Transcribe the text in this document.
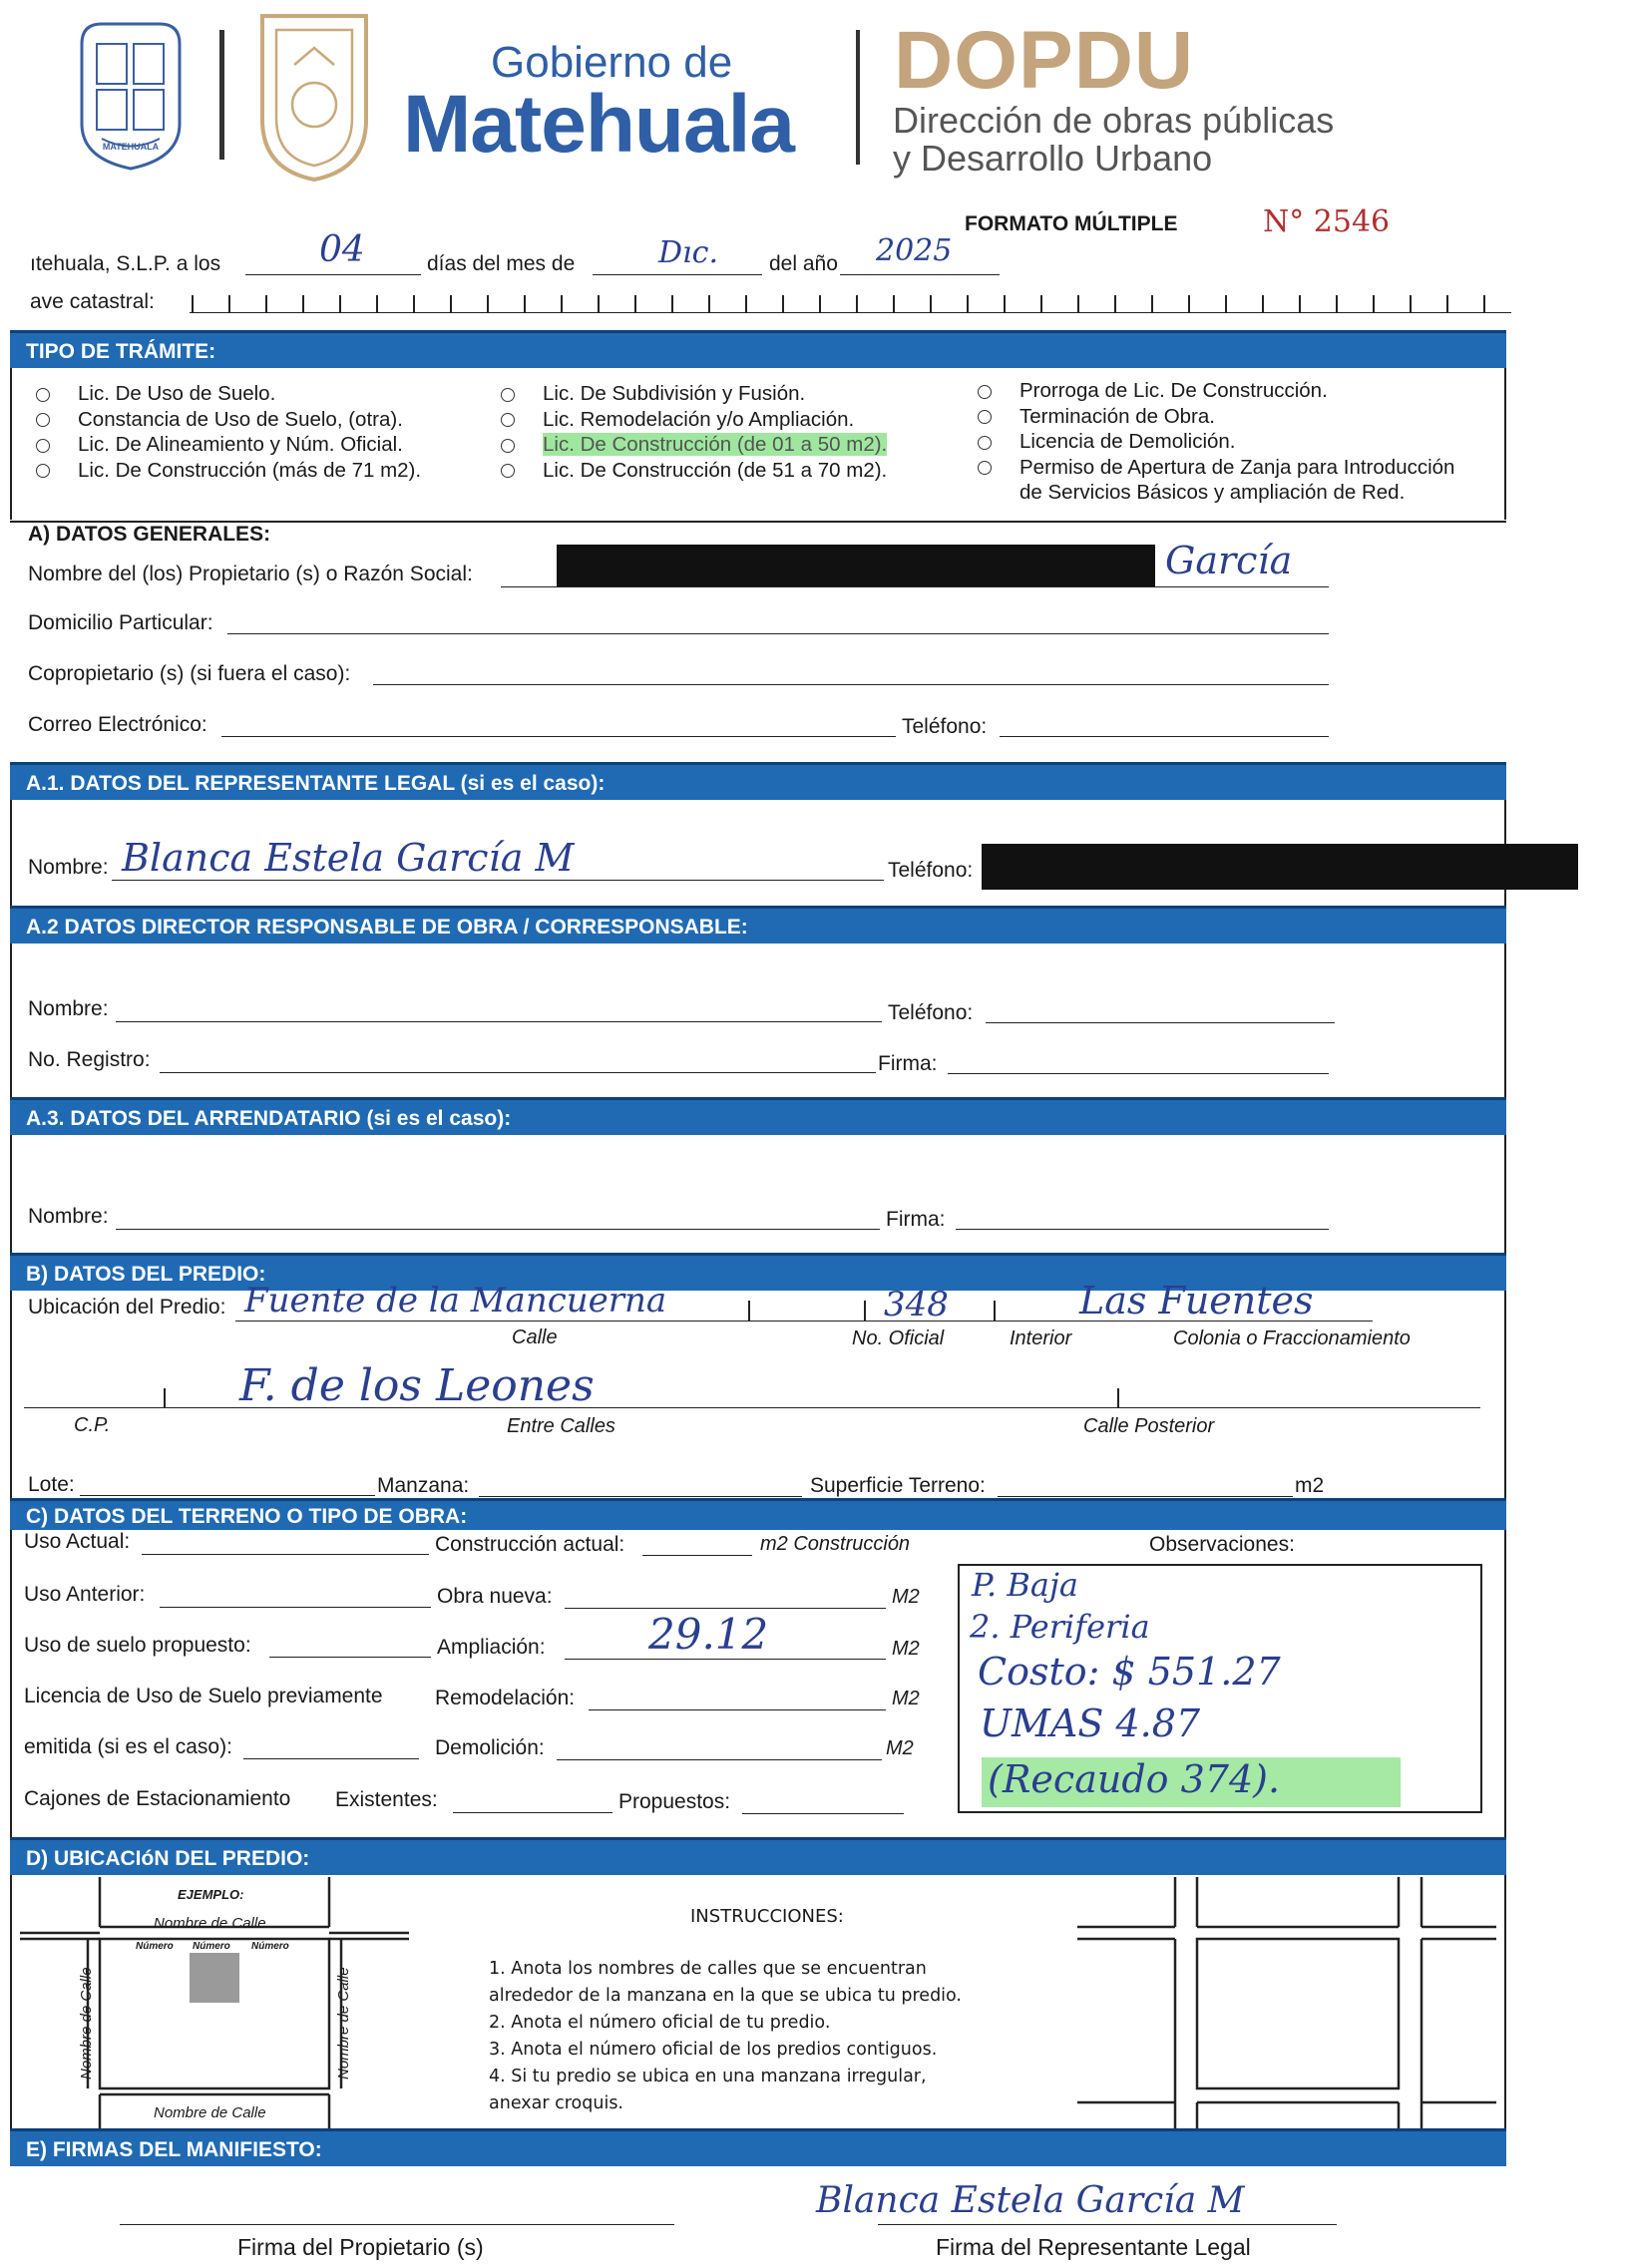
MATEHUALA
Gobierno de
Matehuala
DOPDU
Dirección de obras públicas
y Desarrollo Urbano
FORMATO MÚLTIPLE	N° 2546
ıtehuala, S.L.P. a los	04	días del mes de	Dıc. del año 2025
ave catastral:
TIPO DE TRÁMITE:
Lic. De Uso de Suelo.
Constancia de Uso de Suelo, (otra).
Lic. De Alineamiento y Núm. Oficial.
Lic. De Construcción (más de 71 m2).
Lic. De Subdivisión y Fusión.
Lic. Remodelación y/o Ampliación.
Lic. De Construcción (de 01 a 50 m2).
Lic. De Construcción (de 51 a 70 m2).
Prorroga de Lic. De Construcción.
Terminación de Obra.
Licencia de Demolición.
Permiso de Apertura de Zanja para Introducción
de Servicios Básicos y ampliación de Red.
A) DATOS GENERALES:
Nombre del (los) Propietario (s) o Razón Social:	García
Domicilio Particular:
Copropietario (s) (si fuera el caso):
Correo Electrónico:	Teléfono:
A.1. DATOS DEL REPRESENTANTE LEGAL (si es el caso):
Nombre: Blanca Estela García M	Teléfono:
A.2 DATOS DIRECTOR RESPONSABLE DE OBRA / CORRESPONSABLE:
Nombre:	Teléfono:
No. Registro:	Firma:
A.3. DATOS DEL ARRENDATARIO (si es el caso):
Nombre:	Firma:
B) DATOS DEL PREDIO:
Ubicación del Predio: Fuente de la Mancuerna	348	Las Fuentes
Calle	No. Oficial	Interior	Colonia o Fraccionamiento
F. de los Leones
C.P.	Entre Calles	Calle Posterior
Lote:	Manzana:	Superficie Terreno:	m2
C) DATOS DEL TERRENO O TIPO DE OBRA:
Uso Actual:	Construcción actual:	m2 Construcción	Observaciones:
Uso Anterior:	Obra nueva:	M2
Uso de suelo propuesto:	Ampliación: 29.12	M2
Licencia de Uso de Suelo previamente Remodelación:	M2
emitida (si es el caso):	Demolición:	M2
Cajones de Estacionamiento Existentes:	Propuestos:
P. Baja
2. Periferia
Costo: $ 551.27
UMAS 4.87
(Recaudo 374).
D) UBICACIóN DEL PREDIO:
EJEMPLO:
Nombre de Calle
Número Número Número
Nombre de Calle
Nombre de Calle	Nombre de Calle
INSTRUCCIONES:
1. Anota los nombres de calles que se encuentran
alrededor de la manzana en la que se ubica tu predio.
2. Anota el número oficial de tu predio.
3. Anota el número oficial de los predios contiguos.
4. Si tu predio se ubica en una manzana irregular,
anexar croquis.
E) FIRMAS DEL MANIFIESTO:
Firma del Propietario (s)
Blanca Estela García M
Firma del Representante Legal
